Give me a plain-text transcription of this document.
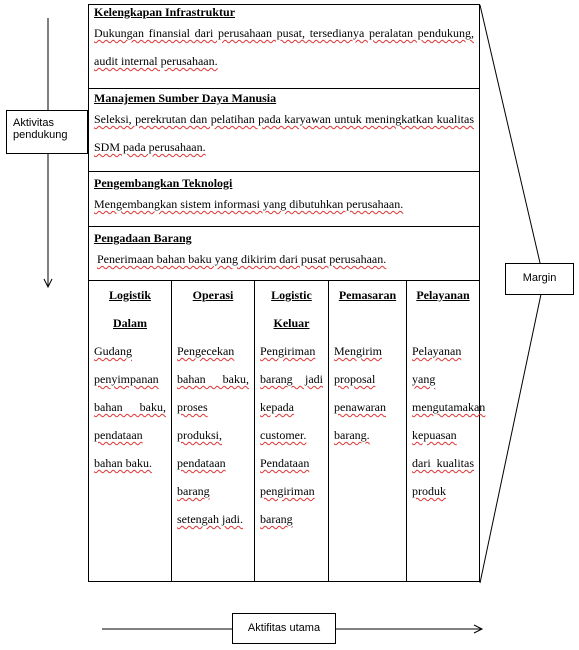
Kelengkapan Infrastruktur

Dukungan finansial dari perusahaan pusat, tersedianya peralatan pendukung, audit internal perusahaan.

Manajemen Sumber Daya Manusia

Seleksi, perekrutan dan pelatihan pada karyawan untuk meningkatkan kualitas SDM pada perusahaan.

Pengembangkan Teknologi

Mengembangkan sistem informasi yang dibutuhkan perusahaan.

Pengadaan Barang

Penerimaan bahan baku yang dikirim dari pusat perusahaan.

Logistik Dalam

Gudang penyimpanan bahan baku, pendataan bahan baku.

Operasi

Pengecekan bahan baku, proses produksi, pendataan barang setengah jadi.

Logistic Keluar

Pengiriman barang jadi kepada customer. Pendataan pengiriman barang

Pemasaran

Mengirim proposal penawaran barang.

Pelayanan

Pelayanan yang mengutamakan kepuasan dari kualitas produk

Aktivitas pendukung
Margin
Aktifitas utama
